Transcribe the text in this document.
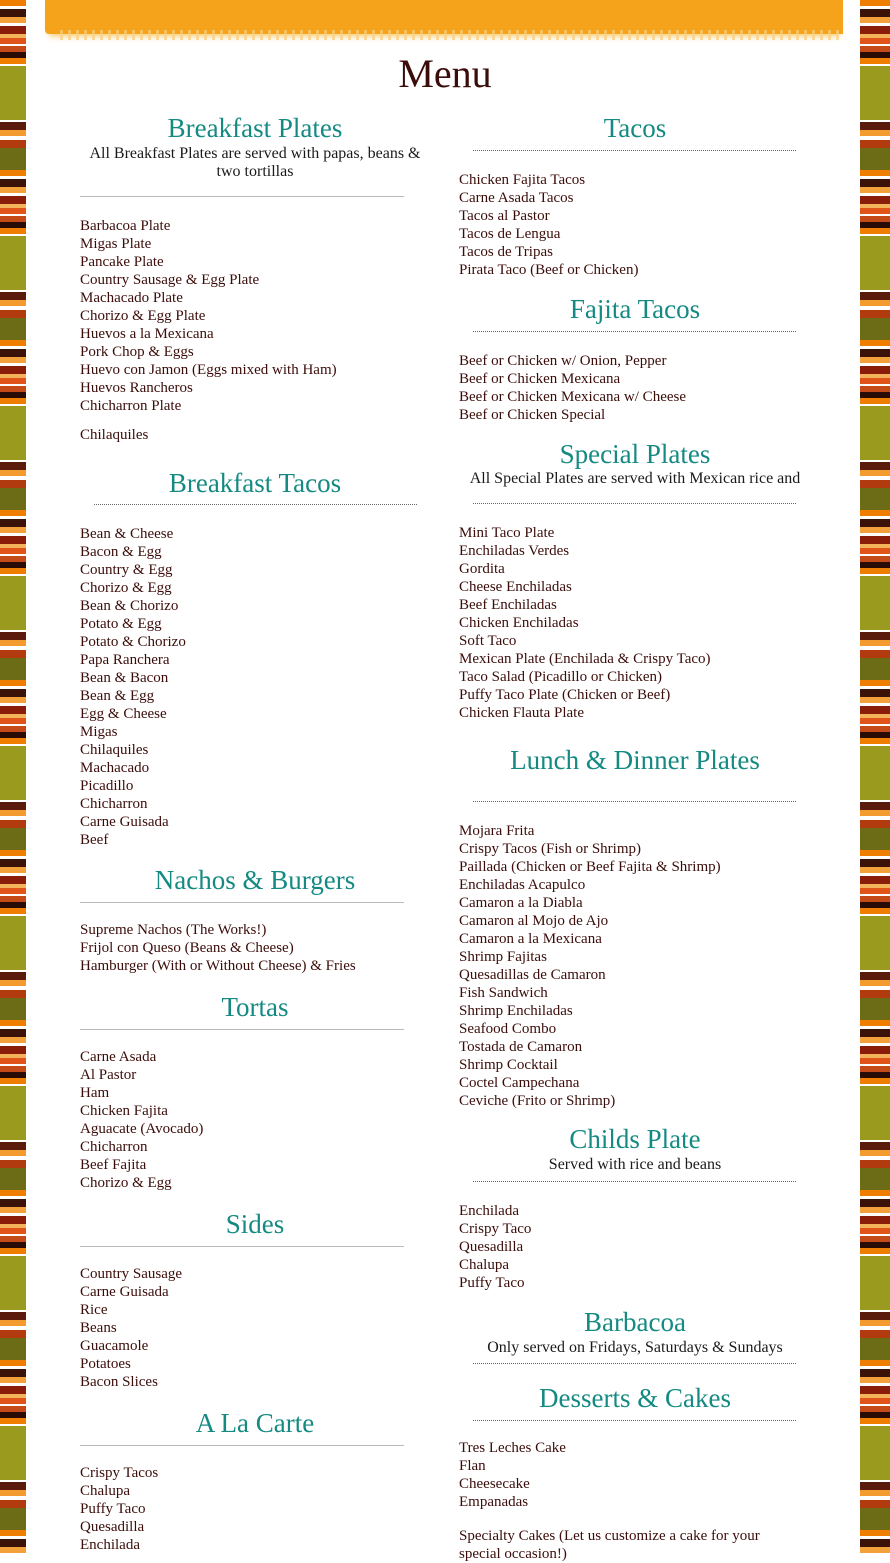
Menu
Breakfast Plates
All Breakfast Plates are served with papas, beans & two tortillas
Barbacoa Plate
Migas Plate
Pancake Plate
Country Sausage & Egg Plate
Machacado Plate
Chorizo & Egg Plate
Huevos a la Mexicana
Pork Chop & Eggs
Huevo con Jamon (Eggs mixed with Ham)
Huevos Rancheros
Chicharron Plate
Chilaquiles
Breakfast Tacos
Bean & Cheese
Bacon & Egg
Country & Egg
Chorizo & Egg
Bean & Chorizo
Potato & Egg
Potato & Chorizo
Papa Ranchera
Bean & Bacon
Bean & Egg
Egg & Cheese
Migas
Chilaquiles
Machacado
Picadillo
Chicharron
Carne Guisada
Beef
Nachos & Burgers
Supreme Nachos (The Works!)
Frijol con Queso (Beans & Cheese)
Hamburger (With or Without Cheese) & Fries
Tortas
Carne Asada
Al Pastor
Ham
Chicken Fajita
Aguacate (Avocado)
Chicharron
Beef Fajita
Chorizo & Egg
Sides
Country Sausage
Carne Guisada
Rice
Beans
Guacamole
Potatoes
Bacon Slices
A La Carte
Crispy Tacos
Chalupa
Puffy Taco
Quesadilla
Enchilada
Tacos
Chicken Fajita Tacos
Carne Asada Tacos
Tacos al Pastor
Tacos de Lengua
Tacos de Tripas
Pirata Taco (Beef or Chicken)
Fajita Tacos
Beef or Chicken w/ Onion, Pepper
Beef or Chicken Mexicana
Beef or Chicken Mexicana w/ Cheese
Beef or Chicken Special
Special Plates
All Special Plates are served with Mexican rice and
Mini Taco Plate
Enchiladas Verdes
Gordita
Cheese Enchiladas
Beef Enchiladas
Chicken Enchiladas
Soft Taco
Mexican Plate (Enchilada & Crispy Taco)
Taco Salad (Picadillo or Chicken)
Puffy Taco Plate (Chicken or Beef)
Chicken Flauta Plate
Lunch & Dinner Plates
Mojara Frita
Crispy Tacos (Fish or Shrimp)
Paillada (Chicken or Beef Fajita & Shrimp)
Enchiladas Acapulco
Camaron a la Diabla
Camaron al Mojo de Ajo
Camaron a la Mexicana
Shrimp Fajitas
Quesadillas de Camaron
Fish Sandwich
Shrimp Enchiladas
Seafood Combo
Tostada de Camaron
Shrimp Cocktail
Coctel Campechana
Ceviche (Frito or Shrimp)
Childs Plate
Served with rice and beans
Enchilada
Crispy Taco
Quesadilla
Chalupa
Puffy Taco
Barbacoa
Only served on Fridays, Saturdays & Sundays
Desserts & Cakes
Tres Leches Cake
Flan
Cheesecake
Empanadas
Specialty Cakes (Let us customize a cake for your special occasion!)
